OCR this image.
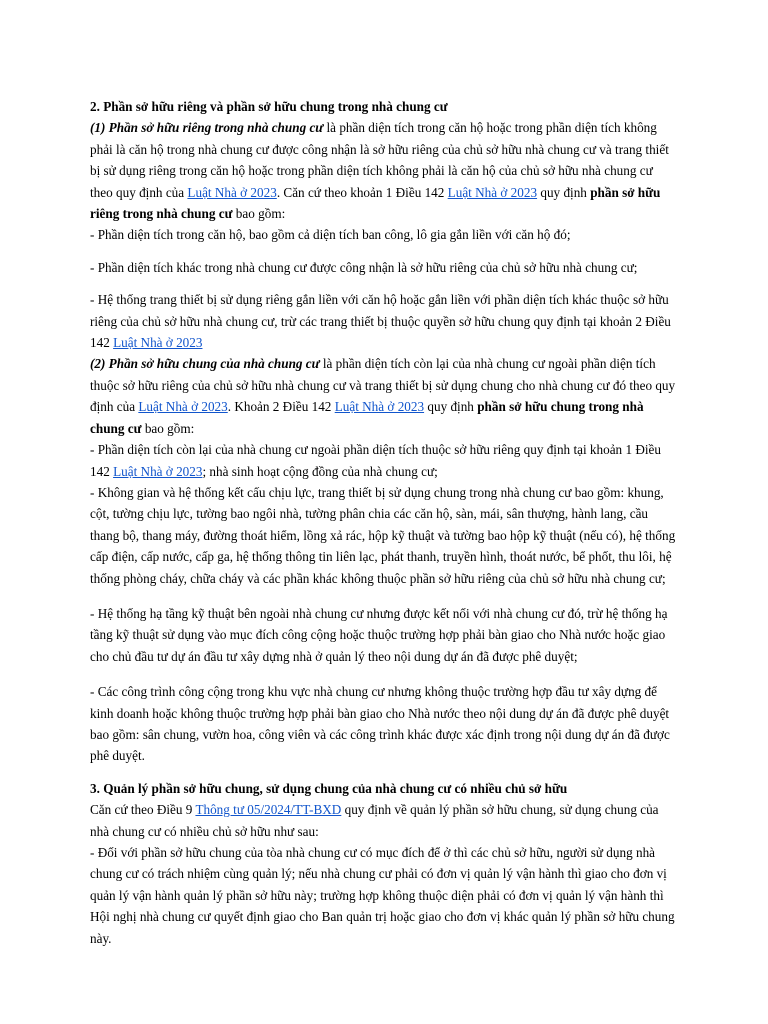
2. Phần sở hữu riêng và phần sở hữu chung trong nhà chung cư

(1) Phần sở hữu riêng trong nhà chung cư là phần diện tích trong căn hộ hoặc trong phần diện tích không phải là căn hộ trong nhà chung cư được công nhận là sở hữu riêng của chủ sở hữu nhà chung cư và trang thiết bị sử dụng riêng trong căn hộ hoặc trong phần diện tích không phải là căn hộ của chủ sở hữu nhà chung cư theo quy định của Luật Nhà ở 2023. Căn cứ theo khoản 1 Điều 142 Luật Nhà ở 2023 quy định phần sở hữu riêng trong nhà chung cư bao gồm:

- Phần diện tích trong căn hộ, bao gồm cả diện tích ban công, lô gia gắn liền với căn hộ đó;

- Phần diện tích khác trong nhà chung cư được công nhận là sở hữu riêng của chủ sở hữu nhà chung cư;

- Hệ thống trang thiết bị sử dụng riêng gắn liền với căn hộ hoặc gắn liền với phần diện tích khác thuộc sở hữu riêng của chủ sở hữu nhà chung cư, trừ các trang thiết bị thuộc quyền sở hữu chung quy định tại khoản 2 Điều 142 Luật Nhà ở 2023

(2) Phần sở hữu chung của nhà chung cư là phần diện tích còn lại của nhà chung cư ngoài phần diện tích thuộc sở hữu riêng của chủ sở hữu nhà chung cư và trang thiết bị sử dụng chung cho nhà chung cư đó theo quy định của Luật Nhà ở 2023. Khoản 2 Điều 142 Luật Nhà ở 2023 quy định phần sở hữu chung trong nhà chung cư bao gồm:

- Phần diện tích còn lại của nhà chung cư ngoài phần diện tích thuộc sở hữu riêng quy định tại khoản 1 Điều 142 Luật Nhà ở 2023; nhà sinh hoạt cộng đồng của nhà chung cư;

- Không gian và hệ thống kết cấu chịu lực, trang thiết bị sử dụng chung trong nhà chung cư bao gồm: khung, cột, tường chịu lực, tường bao ngôi nhà, tường phân chia các căn hộ, sàn, mái, sân thượng, hành lang, cầu thang bộ, thang máy, đường thoát hiểm, lồng xả rác, hộp kỹ thuật và tường bao hộp kỹ thuật (nếu có), hệ thống cấp điện, cấp nước, cấp ga, hệ thống thông tin liên lạc, phát thanh, truyền hình, thoát nước, bể phốt, thu lôi, hệ thống phòng cháy, chữa cháy và các phần khác không thuộc phần sở hữu riêng của chủ sở hữu nhà chung cư;

- Hệ thống hạ tầng kỹ thuật bên ngoài nhà chung cư nhưng được kết nối với nhà chung cư đó, trừ hệ thống hạ tầng kỹ thuật sử dụng vào mục đích công cộng hoặc thuộc trường hợp phải bàn giao cho Nhà nước hoặc giao cho chủ đầu tư dự án đầu tư xây dựng nhà ở quản lý theo nội dung dự án đã được phê duyệt;

- Các công trình công cộng trong khu vực nhà chung cư nhưng không thuộc trường hợp đầu tư xây dựng để kinh doanh hoặc không thuộc trường hợp phải bàn giao cho Nhà nước theo nội dung dự án đã được phê duyệt bao gồm: sân chung, vườn hoa, công viên và các công trình khác được xác định trong nội dung dự án đã được phê duyệt.

3. Quản lý phần sở hữu chung, sử dụng chung của nhà chung cư có nhiều chủ sở hữu

Căn cứ theo Điều 9 Thông tư 05/2024/TT-BXD quy định về quản lý phần sở hữu chung, sử dụng chung của nhà chung cư có nhiều chủ sở hữu như sau:

- Đối với phần sở hữu chung của tòa nhà chung cư có mục đích để ở thì các chủ sở hữu, người sử dụng nhà chung cư có trách nhiệm cùng quản lý; nếu nhà chung cư phải có đơn vị quản lý vận hành thì giao cho đơn vị quản lý vận hành quản lý phần sở hữu này; trường hợp không thuộc diện phải có đơn vị quản lý vận hành thì Hội nghị nhà chung cư quyết định giao cho Ban quản trị hoặc giao cho đơn vị khác quản lý phần sở hữu chung này.
